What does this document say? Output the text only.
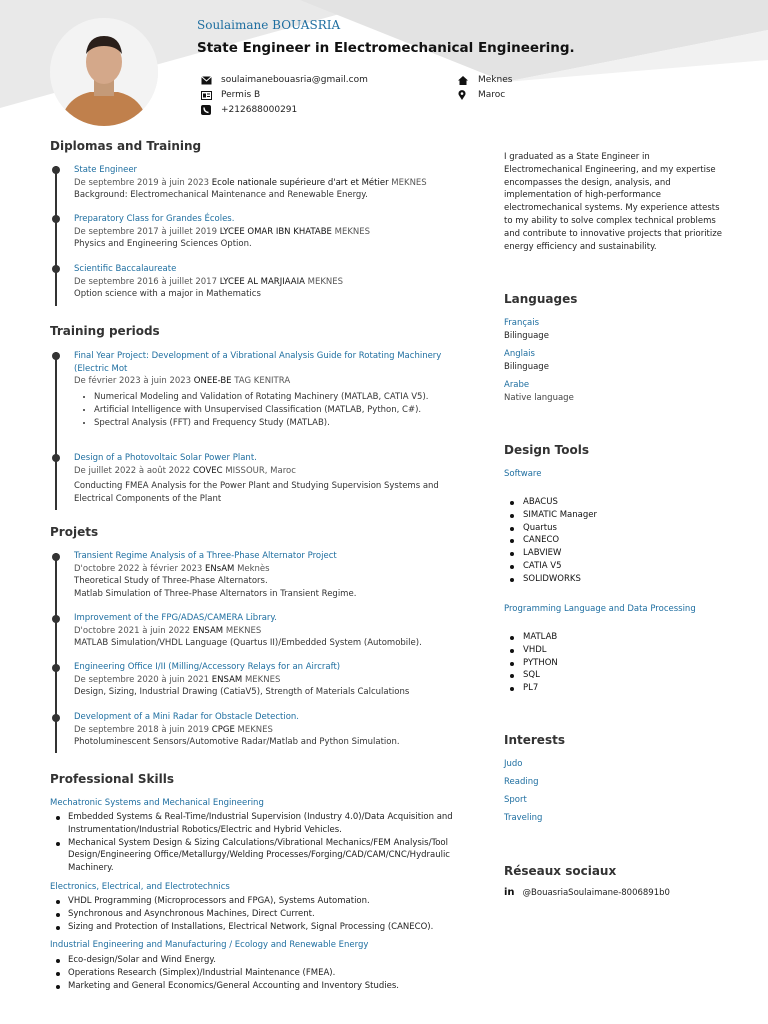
Soulaimane BOUASRIA
State Engineer in Electromechanical Engineering.
soulaimanebouasria@gmail.com
Permis B
+212688000291
Meknes
Maroc
Diplomas and Training
State Engineer
De septembre 2019 à juin 2023 Ecole nationale supérieure d'art et Métier MEKNES
Background: Electromechanical Maintenance and Renewable Energy.
Preparatory Class for Grandes Écoles.
De septembre 2017 à juillet 2019 LYCEE OMAR IBN KHATABE MEKNES
Physics and Engineering Sciences Option.
Scientific Baccalaureate
De septembre 2016 à juillet 2017 LYCEE AL MARJIAAIA MEKNES
Option science with a major in Mathematics
Training periods
Final Year Project: Development of a Vibrational Analysis Guide for Rotating Machinery (Electric Mot
De février 2023 à juin 2023 ONEE-BE TAG KENITRA
• Numerical Modeling and Validation of Rotating Machinery (MATLAB, CATIA V5).
• Artificial Intelligence with Unsupervised Classification (MATLAB, Python, C#).
• Spectral Analysis (FFT) and Frequency Study (MATLAB).
Design of a Photovoltaic Solar Power Plant.
De juillet 2022 à août 2022 COVEC MISSOUR, Maroc
Conducting FMEA Analysis for the Power Plant and Studying Supervision Systems and Electrical Components of the Plant
Projets
Transient Regime Analysis of a Three-Phase Alternator Project
D'octobre 2022 à février 2023 ENsAM Meknès
Theoretical Study of Three-Phase Alternators.
Matlab Simulation of Three-Phase Alternators in Transient Regime.
Improvement of the FPG/ADAS/CAMERA Library.
D'octobre 2021 à juin 2022 ENSAM MEKNES
MATLAB Simulation/VHDL Language (Quartus II)/Embedded System (Automobile).
Engineering Office I/II (Milling/Accessory Relays for an Aircraft)
De septembre 2020 à juin 2021 ENSAM MEKNES
Design, Sizing, Industrial Drawing (CatiaV5), Strength of Materials Calculations
Development of a Mini Radar for Obstacle Detection.
De septembre 2018 à juin 2019 CPGE MEKNES
Photoluminescent Sensors/Automotive Radar/Matlab and Python Simulation.
Professional Skills
Mechatronic Systems and Mechanical Engineering
Embedded Systems & Real-Time/Industrial Supervision (Industry 4.0)/Data Acquisition and Instrumentation/Industrial Robotics/Electric and Hybrid Vehicles.
Mechanical System Design & Sizing Calculations/Vibrational Mechanics/FEM Analysis/Tool Design/Engineering Office/Metallurgy/Welding Processes/Forging/CAD/CAM/CNC/Hydraulic Machinery.
Electronics, Electrical, and Electrotechnics
VHDL Programming (Microprocessors and FPGA), Systems Automation.
Synchronous and Asynchronous Machines, Direct Current.
Sizing and Protection of Installations, Electrical Network, Signal Processing (CANECO).
Industrial Engineering and Manufacturing / Ecology and Renewable Energy
Eco-design/Solar and Wind Energy.
Operations Research (Simplex)/Industrial Maintenance (FMEA).
Marketing and General Economics/General Accounting and Inventory Studies.
I graduated as a State Engineer in Electromechanical Engineering, and my expertise encompasses the design, analysis, and implementation of high-performance electromechanical systems. My experience attests to my ability to solve complex technical problems and contribute to innovative projects that prioritize energy efficiency and sustainability.
Languages
Français
Bilinguage
Anglais
Bilinguage
Arabe
Native language
Design Tools
Software
ABACUS
SIMATIC Manager
Quartus
CANECO
LABVIEW
CATIA V5
SOLIDWORKS
Programming Language and Data Processing
MATLAB
VHDL
PYTHON
SQL
PL7
Interests
Judo
Reading
Sport
Traveling
Réseaux sociaux
in @BouasriaSoulaimane-8006891b0
